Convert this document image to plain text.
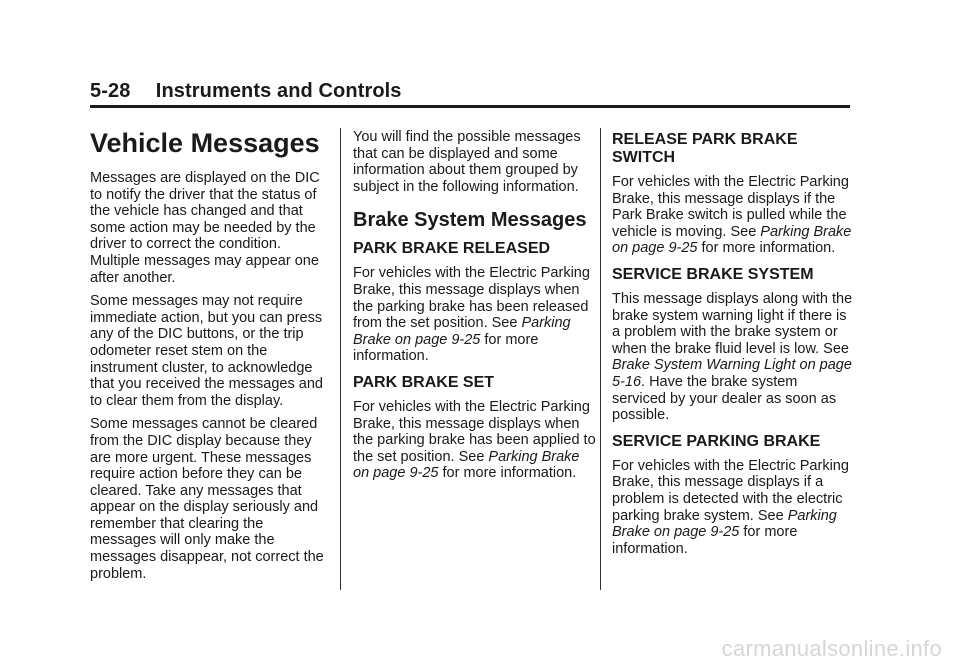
5-28 Instruments and Controls
Vehicle Messages

Messages are displayed on the DIC to notify the driver that the status of the vehicle has changed and that some action may be needed by the driver to correct the condition. Multiple messages may appear one after another.

Some messages may not require immediate action, but you can press any of the DIC buttons, or the trip odometer reset stem on the instrument cluster, to acknowledge that you received the messages and to clear them from the display.

Some messages cannot be cleared from the DIC display because they are more urgent. These messages require action before they can be cleared. Take any messages that appear on the display seriously and remember that clearing the messages will only make the messages disappear, not correct the problem.

You will find the possible messages that can be displayed and some information about them grouped by subject in the following information.

Brake System Messages
PARK BRAKE RELEASED

For vehicles with the Electric Parking Brake, this message displays when the parking brake has been released from the set position. See Parking Brake on page 9-25 for more information.

PARK BRAKE SET

For vehicles with the Electric Parking Brake, this message displays when the parking brake has been applied to the set position. See Parking Brake on page 9-25 for more information.

RELEASE PARK BRAKE SWITCH

For vehicles with the Electric Parking Brake, this message displays if the Park Brake switch is pulled while the vehicle is moving. See Parking Brake on page 9-25 for more information.

SERVICE BRAKE SYSTEM

This message displays along with the brake system warning light if there is a problem with the brake system or when the brake fluid level is low. See Brake System Warning Light on page 5-16. Have the brake system serviced by your dealer as soon as possible.

SERVICE PARKING BRAKE

For vehicles with the Electric Parking Brake, this message displays if a problem is detected with the electric parking brake system. See Parking Brake on page 9-25 for more information.

carmanualsonline.info
